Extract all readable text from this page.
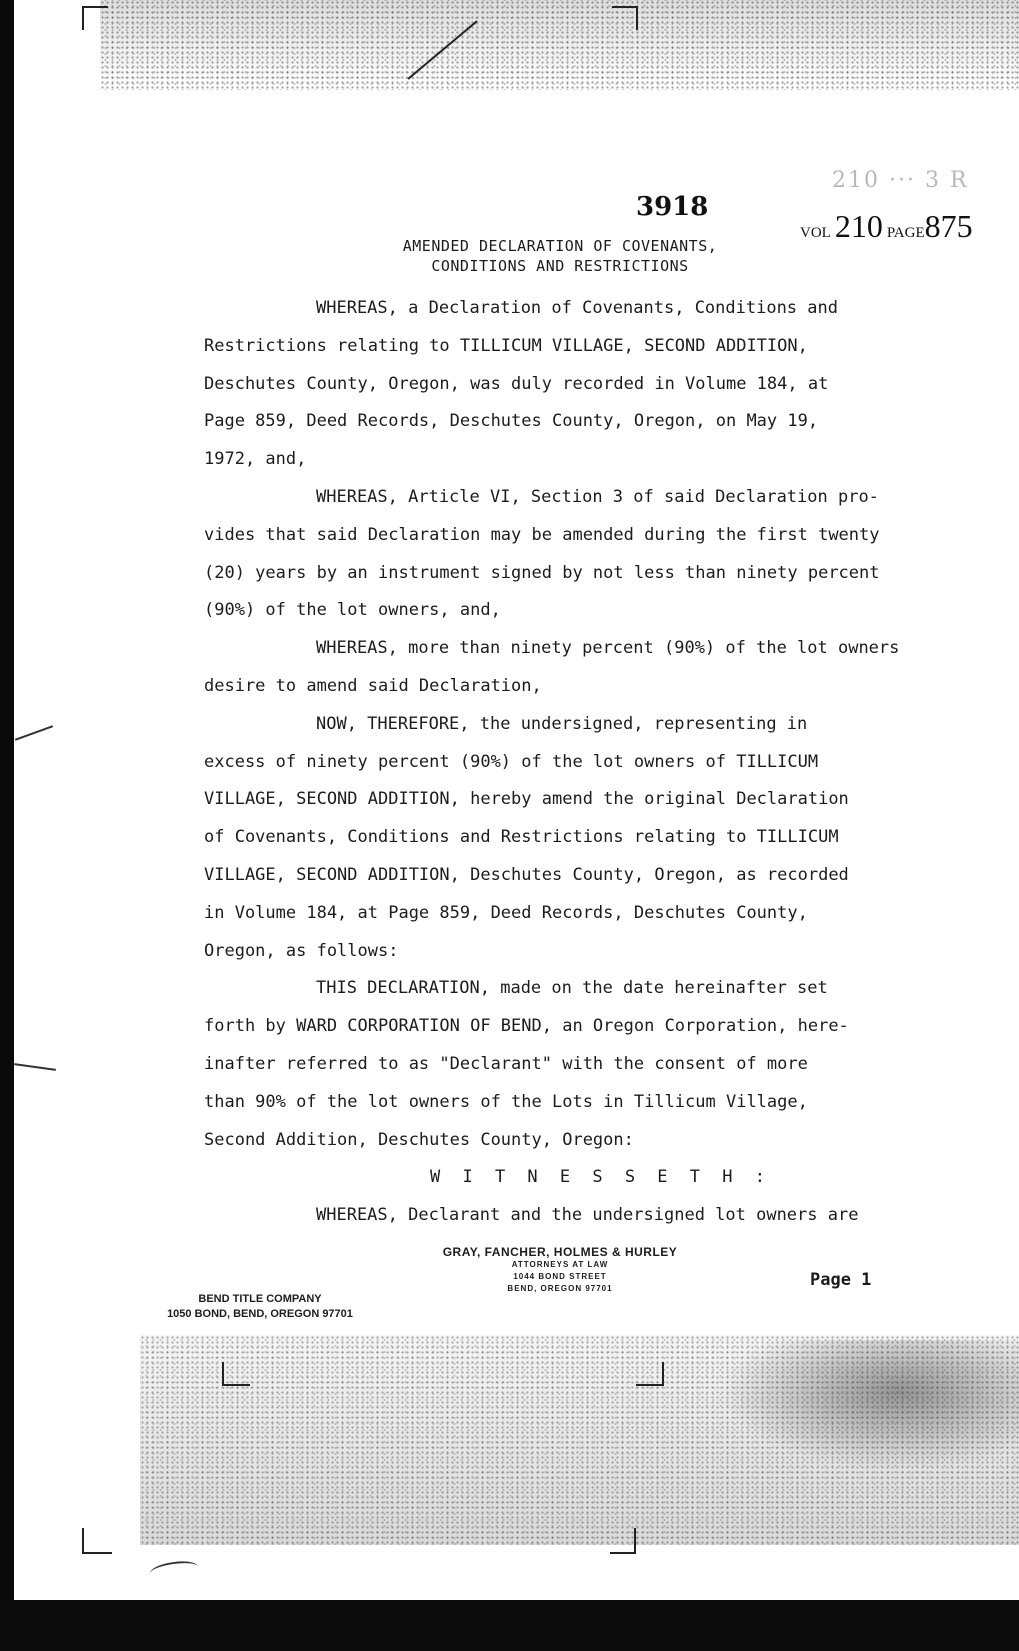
210 ··· 3 R
3918
VOL 210 PAGE875
AMENDED DECLARATION OF COVENANTS,
CONDITIONS AND RESTRICTIONS
WHEREAS, a Declaration of Covenants, Conditions and
Restrictions relating to TILLICUM VILLAGE, SECOND ADDITION,
Deschutes County, Oregon, was duly recorded in Volume 184, at
Page 859, Deed Records, Deschutes County, Oregon, on May 19,
1972, and,
WHEREAS, Article VI, Section 3 of said Declaration pro-
vides that said Declaration may be amended during the first twenty
(20) years by an instrument signed by not less than ninety percent
(90%) of the lot owners, and,
WHEREAS, more than ninety percent (90%) of the lot owners
desire to amend said Declaration,
NOW, THEREFORE, the undersigned, representing in
excess of ninety percent (90%) of the lot owners of TILLICUM
VILLAGE, SECOND ADDITION, hereby amend the original Declaration
of Covenants, Conditions and Restrictions relating to TILLICUM
VILLAGE, SECOND ADDITION, Deschutes County, Oregon, as recorded
in Volume 184, at Page 859, Deed Records, Deschutes County,
Oregon, as follows:
THIS DECLARATION, made on the date hereinafter set
forth by WARD CORPORATION OF BEND, an Oregon Corporation, here-
inafter referred to as "Declarant" with the consent of more
than 90% of the lot owners of the Lots in Tillicum Village,
Second Addition, Deschutes County, Oregon:
W I T N E S S E T H :
WHEREAS, Declarant and the undersigned lot owners are
GRAY, FANCHER, HOLMES & HURLEY
ATTORNEYS AT LAW
1044 BOND STREET
BEND, OREGON 97701	Page 1
BEND TITLE COMPANY
1050 BOND, BEND, OREGON 97701
